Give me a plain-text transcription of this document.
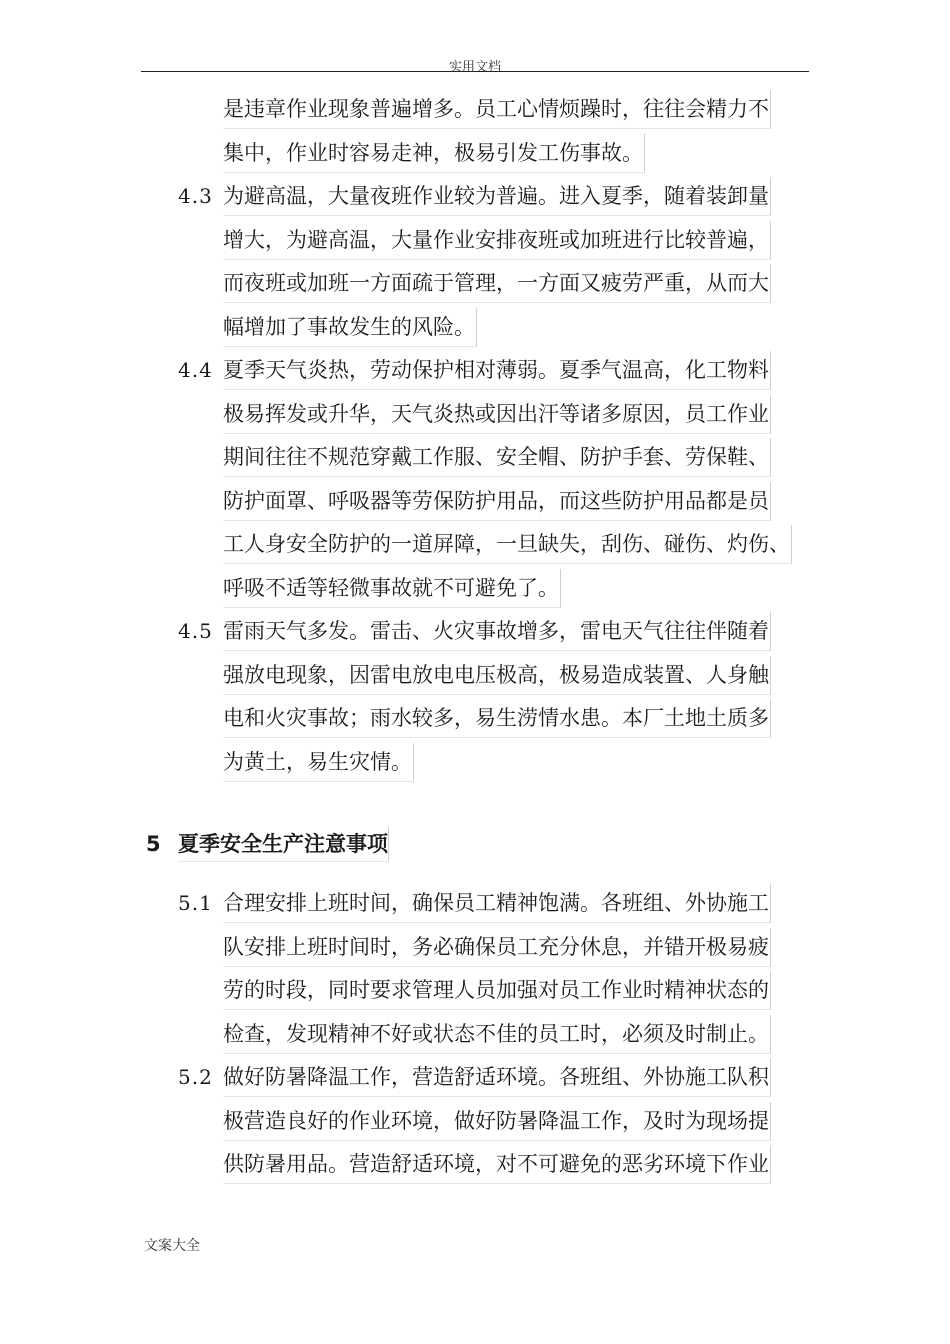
实用文档
是违章作业现象普遍增多。员工心情烦躁时，往往会精力不
集中，作业时容易走神，极易引发工伤事故。
4.3 为避高温，大量夜班作业较为普遍。进入夏季，随着装卸量
增大，为避高温，大量作业安排夜班或加班进行比较普遍，
而夜班或加班一方面疏于管理，一方面又疲劳严重，从而大
幅增加了事故发生的风险。
4.4 夏季天气炎热，劳动保护相对薄弱。夏季气温高，化工物料
极易挥发或升华，天气炎热或因出汗等诸多原因，员工作业
期间往往不规范穿戴工作服、安全帽、防护手套、劳保鞋、
防护面罩、呼吸器等劳保防护用品，而这些防护用品都是员
工人身安全防护的一道屏障，一旦缺失，刮伤、碰伤、灼伤、
呼吸不适等轻微事故就不可避免了。
4.5 雷雨天气多发。雷击、火灾事故增多，雷电天气往往伴随着
强放电现象，因雷电放电电压极高，极易造成装置、人身触
电和火灾事故；雨水较多，易生涝情水患。本厂土地土质多
为黄土，易生灾情。
5 夏季安全生产注意事项
5.1 合理安排上班时间，确保员工精神饱满。各班组、外协施工
队安排上班时间时，务必确保员工充分休息，并错开极易疲
劳的时段，同时要求管理人员加强对员工作业时精神状态的
检查，发现精神不好或状态不佳的员工时，必须及时制止。
5.2 做好防暑降温工作，营造舒适环境。各班组、外协施工队积
极营造良好的作业环境，做好防暑降温工作，及时为现场提
供防暑用品。营造舒适环境，对不可避免的恶劣环境下作业
文案大全
